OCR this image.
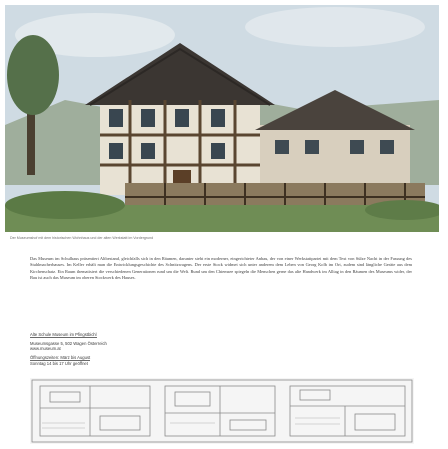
Der Museumshof mit dem historischen Wohnhaus und der alten Werkstatt im Vordergrund
Das Museum im Schulhaus präsentiert Altbestand, gleichfalls sich in den Räumen, darunter steht ein moderner, eingerichteter Anbau, der von einer Werkstattpartei mit dem Text von Sülze Nacht in der Fassung des Stuhlmacherhauses. Im Keller erhält man die Entwicklungsgeschichte des Schnitzwagens. Der erste Stock widmet sich unter anderem dem Leben von Georg Kolb im Ort, zudem sind längliche Geräte aus dem Kirchenschatz. Ein Raum thematisiert die verschiedenen Generationen rund um die Welt. Rund um den Chiemsee spiegeln die Menschen gerne das alte Handwerk im Alltag in den Räumen des Museums wider, der Bau ist auch das Museum im oberen Stockwerk des Hauses.
Alte Schule Museum im Pfingstbichl
Museumsgasse 5, 502 Wagen Österreich
www.museum.at
Öffnungszeiten: März bis August
Sonntag 14 bis 17 Uhr geöffnet
